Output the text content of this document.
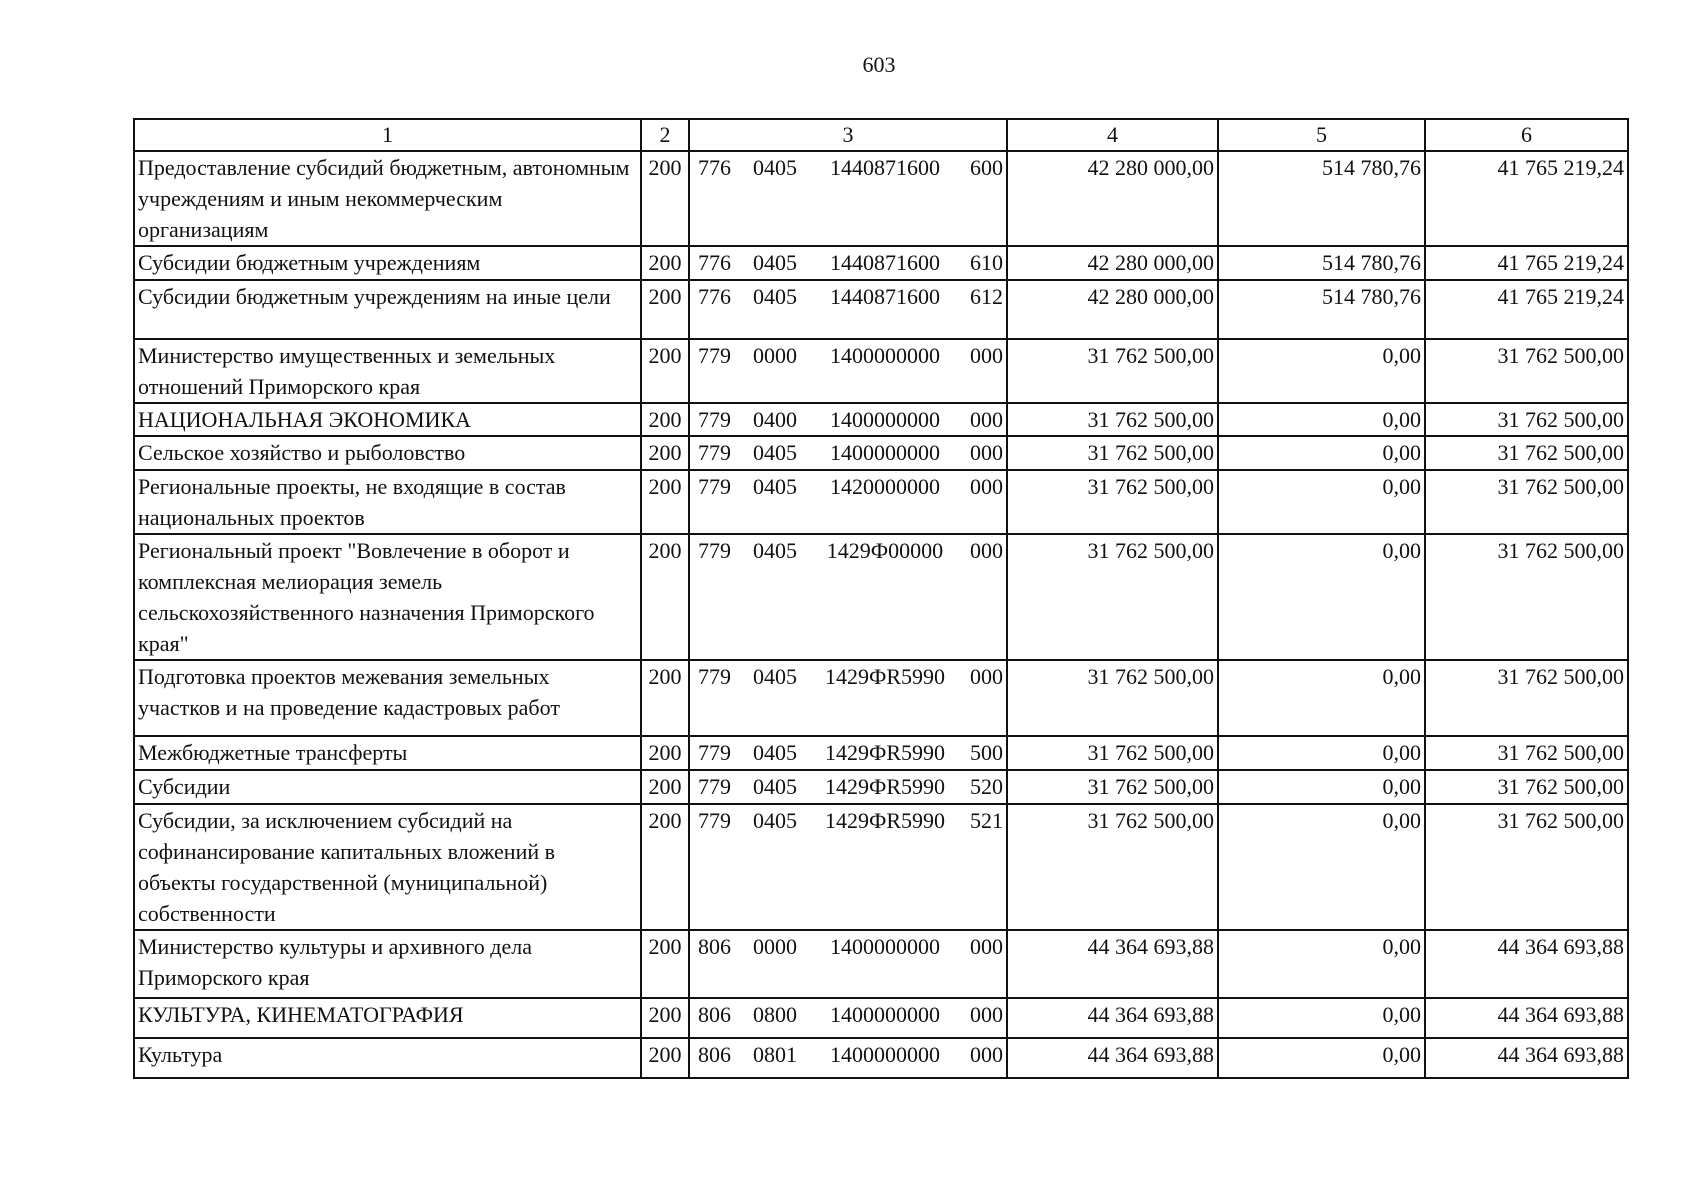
603
1	2	3	4	5	6
Предоставление субсидий бюджетным, автономным учреждениям и иным некоммерческим организациям	200	776 0405 1440871600 600	42 280 000,00	514 780,76	41 765 219,24
Субсидии бюджетным учреждениям	200	776 0405 1440871600 610	42 280 000,00	514 780,76	41 765 219,24
Субсидии бюджетным учреждениям на иные цели	200	776 0405 1440871600 612	42 280 000,00	514 780,76	41 765 219,24
Министерство имущественных и земельных отношений Приморского края	200	779 0000 1400000000 000	31 762 500,00	0,00	31 762 500,00
НАЦИОНАЛЬНАЯ ЭКОНОМИКА	200	779 0400 1400000000 000	31 762 500,00	0,00	31 762 500,00
Сельское хозяйство и рыболовство	200	779 0405 1400000000 000	31 762 500,00	0,00	31 762 500,00
Региональные проекты, не входящие в состав национальных проектов	200	779 0405 1420000000 000	31 762 500,00	0,00	31 762 500,00
Региональный проект "Вовлечение в оборот и комплексная мелиорация земель сельскохозяйственного назначения Приморского края"	200	779 0405 1429Ф00000 000	31 762 500,00	0,00	31 762 500,00
Подготовка проектов межевания земельных участков и на проведение кадастровых работ	200	779 0405 1429ФR5990 000	31 762 500,00	0,00	31 762 500,00
Межбюджетные трансферты	200	779 0405 1429ФR5990 500	31 762 500,00	0,00	31 762 500,00
Субсидии	200	779 0405 1429ФR5990 520	31 762 500,00	0,00	31 762 500,00
Субсидии, за исключением субсидий на софинансирование капитальных вложений в объекты государственной (муниципальной) собственности	200	779 0405 1429ФR5990 521	31 762 500,00	0,00	31 762 500,00
Министерство культуры и архивного дела Приморского края	200	806 0000 1400000000 000	44 364 693,88	0,00	44 364 693,88
КУЛЬТУРА, КИНЕМАТОГРАФИЯ	200	806 0800 1400000000 000	44 364 693,88	0,00	44 364 693,88
Культура	200	806 0801 1400000000 000	44 364 693,88	0,00	44 364 693,88
